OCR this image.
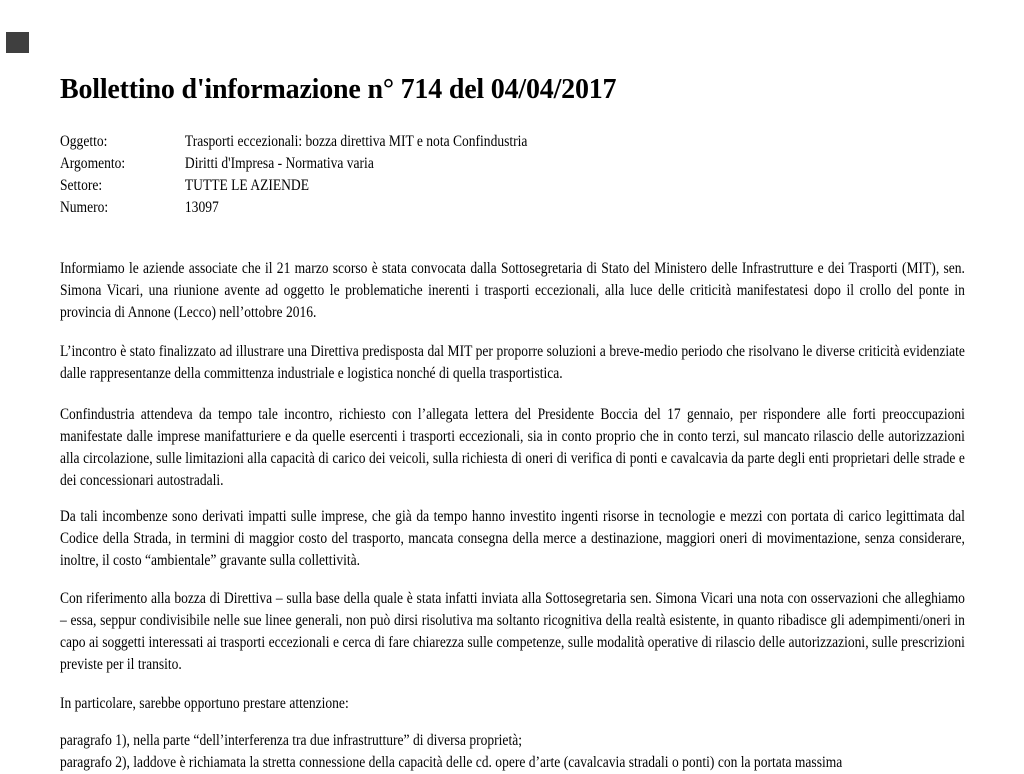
Bollettino d'informazione n° 714 del 04/04/2017
Oggetto:	Trasporti eccezionali: bozza direttiva MIT e nota Confindustria
Argomento:	Diritti d'Impresa - Normativa varia
Settore:	TUTTE LE AZIENDE
Numero:	13097

Informiamo le aziende associate che il 21 marzo scorso è stata convocata dalla Sottosegretaria di Stato del Ministero delle Infrastrutture e dei Trasporti (MIT), sen. Simona Vicari, una riunione avente ad oggetto le problematiche inerenti i trasporti eccezionali, alla luce delle criticità manifestatesi dopo il crollo del ponte in provincia di Annone (Lecco) nell’ottobre 2016.

L’incontro è stato finalizzato ad illustrare una Direttiva predisposta dal MIT per proporre soluzioni a breve-medio periodo che risolvano le diverse criticità evidenziate dalle rappresentanze della committenza industriale e logistica nonché di quella trasportistica.

Confindustria attendeva da tempo tale incontro, richiesto con l’allegata lettera del Presidente Boccia del 17 gennaio, per rispondere alle forti preoccupazioni manifestate dalle imprese manifatturiere e da quelle esercenti i trasporti eccezionali, sia in conto proprio che in conto terzi, sul mancato rilascio delle autorizzazioni alla circolazione, sulle limitazioni alla capacità di carico dei veicoli, sulla richiesta di oneri di verifica di ponti e cavalcavia da parte degli enti proprietari delle strade e dei concessionari autostradali.

Da tali incombenze sono derivati impatti sulle imprese, che già da tempo hanno investito ingenti risorse in tecnologie e mezzi con portata di carico legittimata dal Codice della Strada, in termini di maggior costo del trasporto, mancata consegna della merce a destinazione, maggiori oneri di movimentazione, senza considerare, inoltre, il costo “ambientale” gravante sulla collettività.

Con riferimento alla bozza di Direttiva – sulla base della quale è stata infatti inviata alla Sottosegretaria sen. Simona Vicari una nota con osservazioni che alleghiamo – essa, seppur condivisibile nelle sue linee generali, non può dirsi risolutiva ma soltanto ricognitiva della realtà esistente, in quanto ribadisce gli adempimenti/oneri in capo ai soggetti interessati ai trasporti eccezionali e cerca di fare chiarezza sulle competenze, sulle modalità operative di rilascio delle autorizzazioni, sulle prescrizioni previste per il transito.

In particolare, sarebbe opportuno prestare attenzione:

paragrafo 1), nella parte “dell’interferenza tra due infrastrutture” di diversa proprietà;
paragrafo 2), laddove è richiamata la stretta connessione della capacità delle cd. opere d’arte (cavalcavia stradali o ponti) con la portata massima
